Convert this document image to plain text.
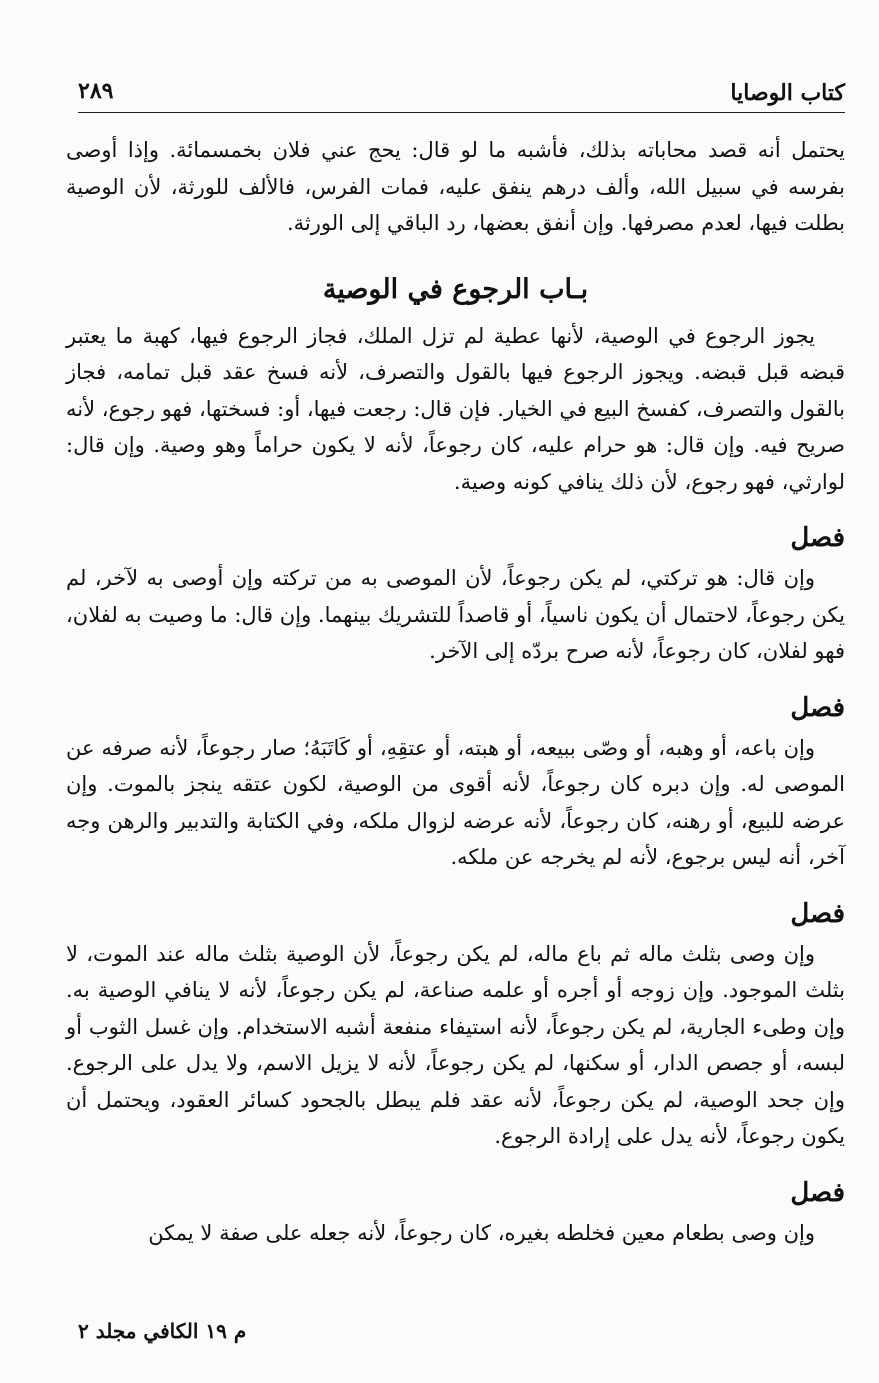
كتاب الوصايا
٢٨٩

يحتمل أنه قصد محاباته بذلك، فأشبه ما لو قال: يحج عني فلان بخمسمائة. وإذا أوصى بفرسه في سبيل الله، وألف درهم ينفق عليه، فمات الفرس، فالألف للورثة، لأن الوصية بطلت فيها، لعدم مصرفها. وإن أنفق بعضها، رد الباقي إلى الورثة.

بـاب الرجوع في الوصية

يجوز الرجوع في الوصية، لأنها عطية لم تزل الملك، فجاز الرجوع فيها، كهبة ما يعتبر قبضه قبل قبضه. ويجوز الرجوع فيها بالقول والتصرف، لأنه فسخ عقد قبل تمامه، فجاز بالقول والتصرف، كفسخ البيع في الخيار. فإن قال: رجعت فيها، أو: فسختها، فهو رجوع، لأنه صريح فيه. وإن قال: هو حرام عليه، كان رجوعاً، لأنه لا يكون حراماً وهو وصية. وإن قال: لوارثي، فهو رجوع، لأن ذلك ينافي كونه وصية.

فصل

وإن قال: هو تركتي، لم يكن رجوعاً، لأن الموصى به من تركته وإن أوصى به لآخر، لم يكن رجوعاً، لاحتمال أن يكون ناسياً، أو قاصداً للتشريك بينهما. وإن قال: ما وصيت به لفلان، فهو لفلان، كان رجوعاً، لأنه صرح بردّه إلى الآخر.

فصل

وإن باعه، أو وهبه، أو وصّى ببيعه، أو هبته، أو عتقِهِ، أو كَاتَبَهُ؛ صار رجوعاً، لأنه صرفه عن الموصى له. وإن دبره كان رجوعاً، لأنه أقوى من الوصية، لكون عتقه ينجز بالموت. وإن عرضه للبيع، أو رهنه، كان رجوعاً، لأنه عرضه لزوال ملكه، وفي الكتابة والتدبير والرهن وجه آخر، أنه ليس برجوع، لأنه لم يخرجه عن ملكه.

فصل

وإن وصى بثلث ماله ثم باع ماله، لم يكن رجوعاً، لأن الوصية بثلث ماله عند الموت، لا بثلث الموجود. وإن زوجه أو أجره أو علمه صناعة، لم يكن رجوعاً، لأنه لا ينافي الوصية به. وإن وطىء الجارية، لم يكن رجوعاً، لأنه استيفاء منفعة أشبه الاستخدام. وإن غسل الثوب أو لبسه، أو جصص الدار، أو سكنها، لم يكن رجوعاً، لأنه لا يزيل الاسم، ولا يدل على الرجوع. وإن جحد الوصية، لم يكن رجوعاً، لأنه عقد فلم يبطل بالجحود كسائر العقود، ويحتمل أن يكون رجوعاً، لأنه يدل على إرادة الرجوع.

فصل

وإن وصى بطعام معين فخلطه بغيره، كان رجوعاً، لأنه جعله على صفة لا يمكن

م ١٩ الكافي مجلد ٢
